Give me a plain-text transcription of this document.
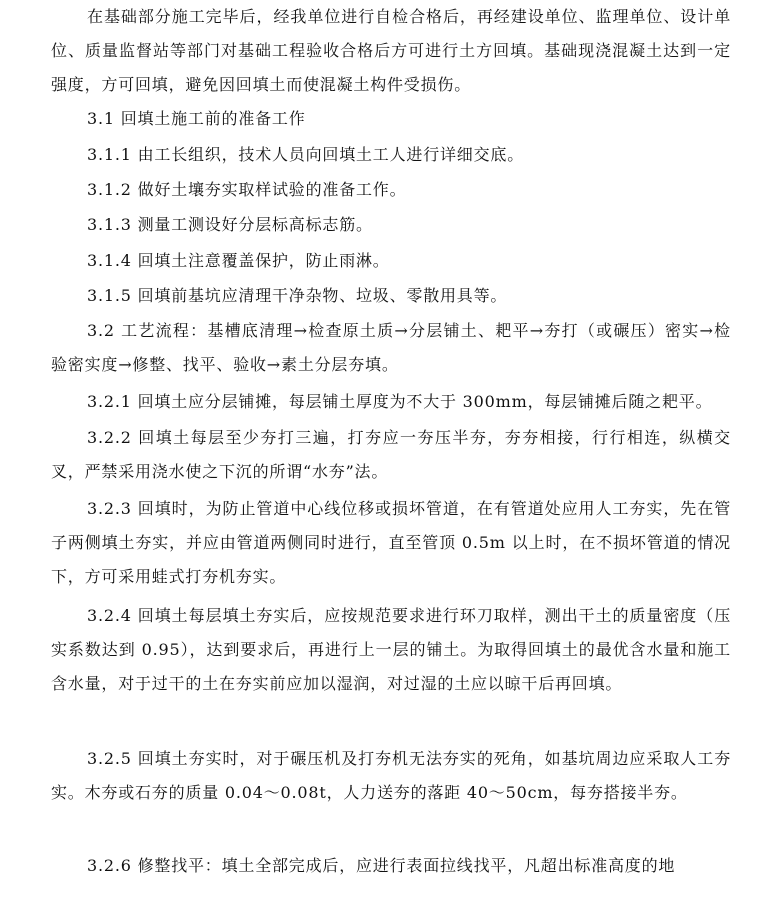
在基础部分施工完毕后，经我单位进行自检合格后，再经建设单位、监理单位、设计单位、质量监督站等部门对基础工程验收合格后方可进行土方回填。基础现浇混凝土达到一定强度，方可回填，避免因回填土而使混凝土构件受损伤。

3.1 回填土施工前的准备工作

3.1.1 由工长组织，技术人员向回填土工人进行详细交底。

3.1.2 做好土壤夯实取样试验的准备工作。

3.1.3 测量工测设好分层标高标志筋。

3.1.4 回填土注意覆盖保护，防止雨淋。

3.1.5 回填前基坑应清理干净杂物、垃圾、零散用具等。

3.2 工艺流程：基槽底清理→检查原土质→分层铺土、耙平→夯打（或碾压）密实→检验密实度→修整、找平、验收→素土分层夯填。

3.2.1 回填土应分层铺摊，每层铺土厚度为不大于 300mm，每层铺摊后随之耙平。

3.2.2 回填土每层至少夯打三遍，打夯应一夯压半夯，夯夯相接，行行相连，纵横交叉，严禁采用浇水使之下沉的所谓“水夯”法。

3.2.3 回填时，为防止管道中心线位移或损坏管道，在有管道处应用人工夯实，先在管子两侧填土夯实，并应由管道两侧同时进行，直至管顶 0.5m 以上时，在不损坏管道的情况下，方可采用蛙式打夯机夯实。

3.2.4 回填土每层填土夯实后，应按规范要求进行环刀取样，测出干土的质量密度（压实系数达到 0.95），达到要求后，再进行上一层的铺土。为取得回填土的最优含水量和施工含水量，对于过干的土在夯实前应加以湿润，对过湿的土应以晾干后再回填。

3.2.5 回填土夯实时，对于碾压机及打夯机无法夯实的死角，如基坑周边应采取人工夯实。木夯或石夯的质量 0.04～0.08t，人力送夯的落距 40～50cm，每夯搭接半夯。

3.2.6 修整找平：填土全部完成后，应进行表面拉线找平，凡超出标准高度的地
